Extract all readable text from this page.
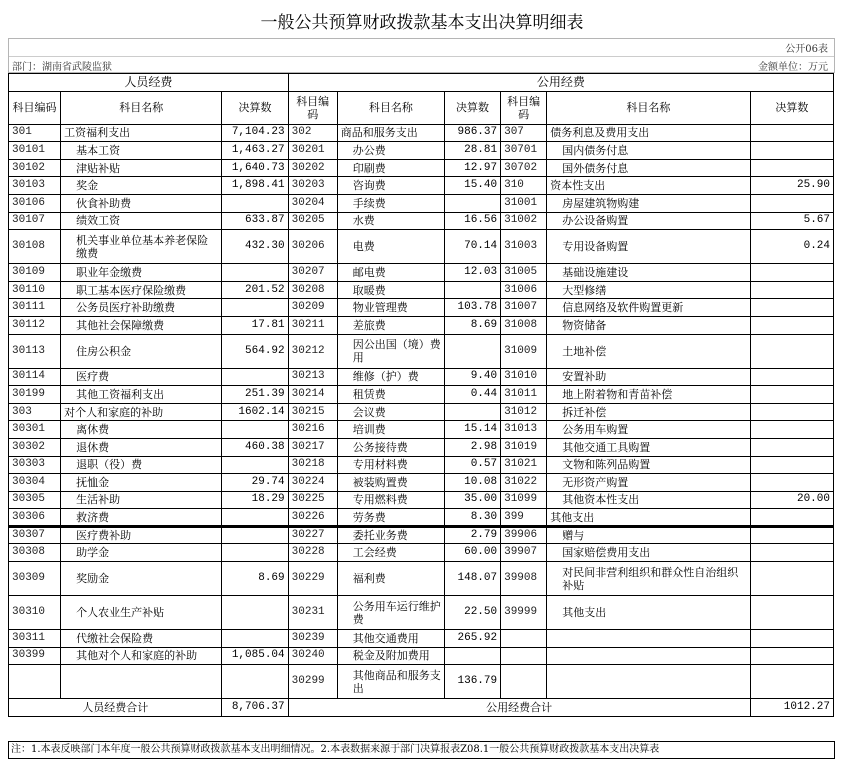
一般公共预算财政拨款基本支出决算明细表
公开06表
部门：湖南省武陵监狱	金额单位：万元
人员经费			公用经费					
科目编码	科目名称	决算数	科目编码	科目名称	决算数	科目编码	科目名称	决算数
301	工资福利支出	7,104.23	302	商品和服务支出	986.37	307	债务利息及费用支出	
30101	基本工资	1,463.27	30201	办公费	28.81	30701	国内债务付息	
30102	津贴补贴	1,640.73	30202	印刷费	12.97	30702	国外债务付息	
30103	奖金	1,898.41	30203	咨询费	15.40	310	资本性支出	25.90
30106	伙食补助费		30204	手续费		31001	房屋建筑物购建	
30107	绩效工资	633.87	30205	水费	16.56	31002	办公设备购置	5.67
30108	机关事业单位基本养老保险缴费	432.30	30206	电费	70.14	31003	专用设备购置	0.24
30109	职业年金缴费		30207	邮电费	12.03	31005	基础设施建设	
30110	职工基本医疗保险缴费	201.52	30208	取暖费		31006	大型修缮	
30111	公务员医疗补助缴费		30209	物业管理费	103.78	31007	信息网络及软件购置更新	
30112	其他社会保障缴费	17.81	30211	差旅费	8.69	31008	物资储备	
30113	住房公积金	564.92	30212	因公出国（境）费用		31009	土地补偿	
30114	医疗费		30213	维修（护）费	9.40	31010	安置补助	
30199	其他工资福利支出	251.39	30214	租赁费	0.44	31011	地上附着物和青苗补偿	
303	对个人和家庭的补助	1602.14	30215	会议费		31012	拆迁补偿	
30301	离休费		30216	培训费	15.14	31013	公务用车购置	
30302	退休费	460.38	30217	公务接待费	2.98	31019	其他交通工具购置	
30303	退职（役）费		30218	专用材料费	0.57	31021	文物和陈列品购置	
30304	抚恤金	29.74	30224	被装购置费	10.08	31022	无形资产购置	
30305	生活补助	18.29	30225	专用燃料费	35.00	31099	其他资本性支出	20.00
30306	救济费		30226	劳务费	8.30	399	其他支出	
30307	医疗费补助		30227	委托业务费	2.79	39906	赠与	
30308	助学金		30228	工会经费	60.00	39907	国家赔偿费用支出	
30309	奖励金	8.69	30229	福利费	148.07	39908	对民间非营利组织和群众性自治组织补贴	
30310	个人农业生产补贴		30231	公务用车运行维护费	22.50	39999	其他支出	
30311	代缴社会保险费		30239	其他交通费用	265.92			
30399	其他对个人和家庭的补助	1,085.04	30240	税金及附加费用				
			30299	其他商品和服务支出	136.79			
人员经费合计		8,706.37	公用经费合计					1012.27
注：1.本表反映部门本年度一般公共预算财政拨款基本支出明细情况。2.本表数据来源于部门决算报表Z08.1一般公共预算财政拨款基本支出决算表
